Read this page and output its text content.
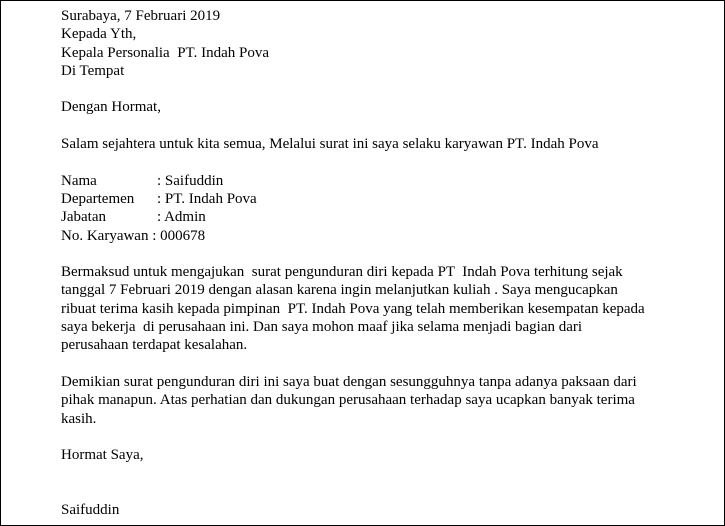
Surabaya, 7 Februari 2019
Kepada Yth,
Kepala Personalia  PT. Indah Pova
Di Tempat
Dengan Hormat,
Salam sejahtera untuk kita semua, Melalui surat ini saya selaku karyawan PT. Indah Pova
Nama	: Saifuddin
Departemen	: PT. Indah Pova
Jabatan	: Admin
No. Karyawan : 000678
Bermaksud untuk mengajukan  surat pengunduran diri kepada PT  Indah Pova terhitung sejak
tanggal 7 Februari 2019 dengan alasan karena ingin melanjutkan kuliah . Saya mengucapkan
ribuat terima kasih kepada pimpinan  PT. Indah Pova yang telah memberikan kesempatan kepada
saya bekerja  di perusahaan ini. Dan saya mohon maaf jika selama menjadi bagian dari
perusahaan terdapat kesalahan.
Demikian surat pengunduran diri ini saya buat dengan sesungguhnya tanpa adanya paksaan dari
pihak manapun. Atas perhatian dan dukungan perusahaan terhadap saya ucapkan banyak terima
kasih.
Hormat Saya,
Saifuddin
